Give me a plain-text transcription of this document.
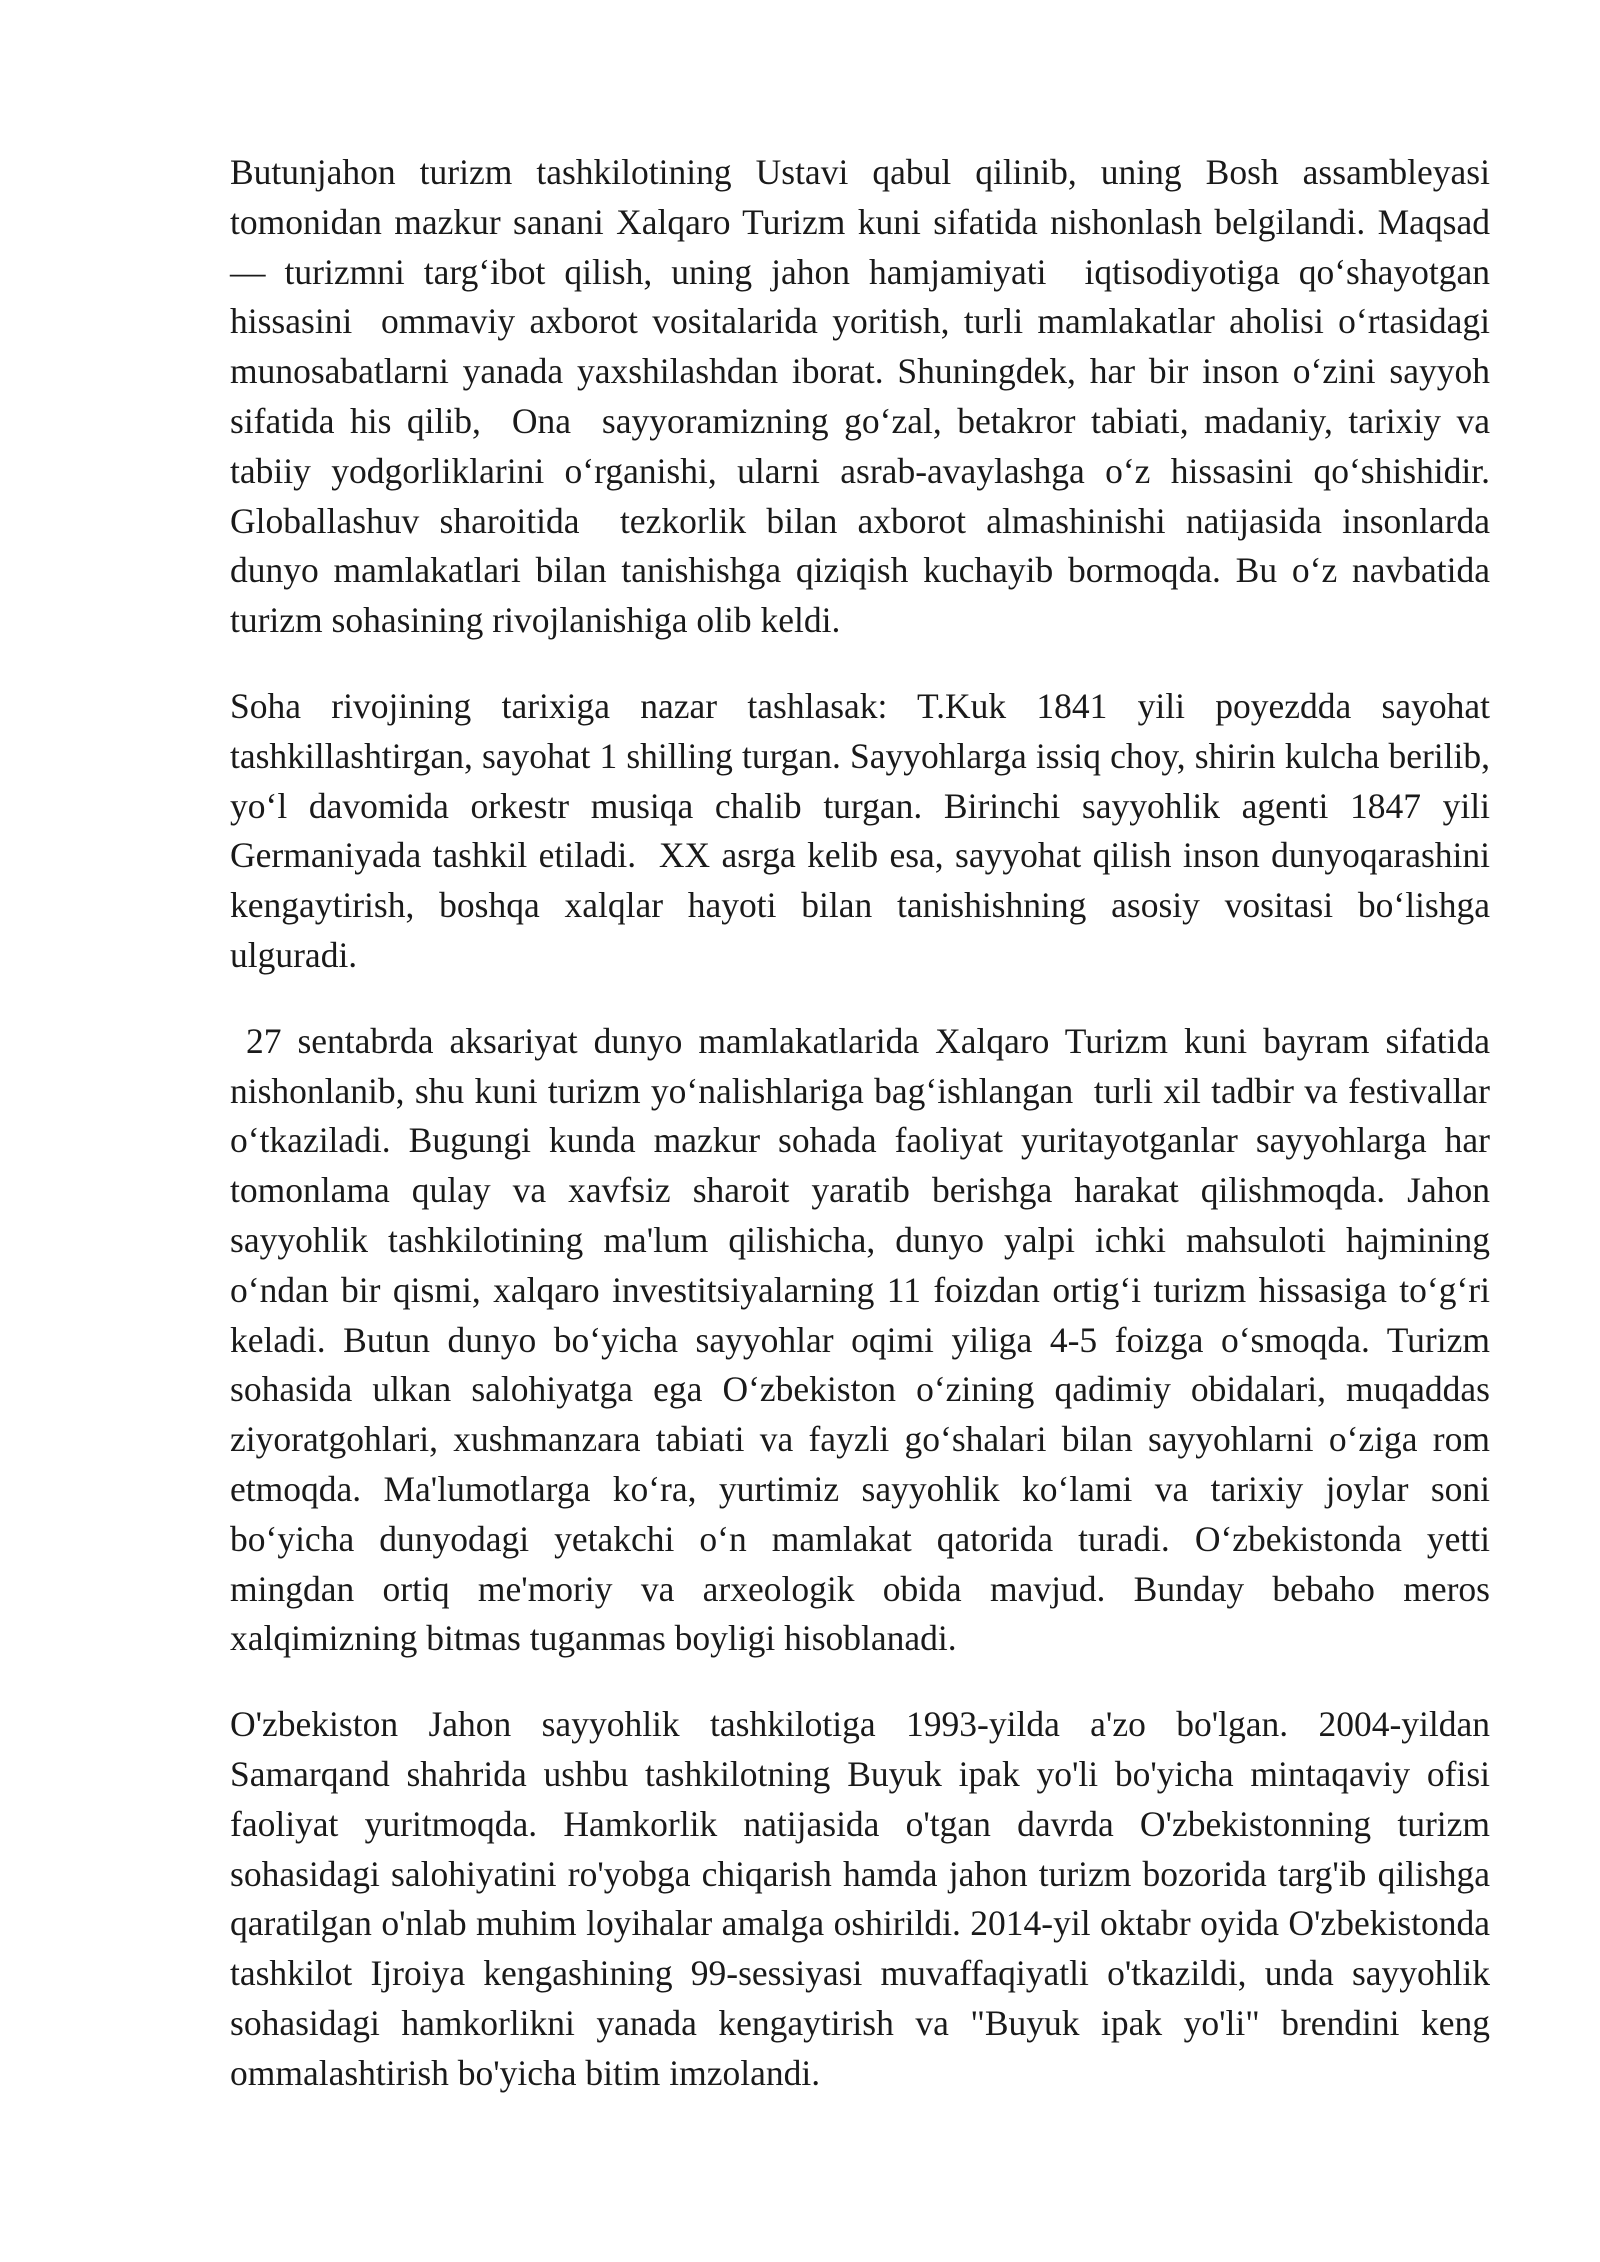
Butunjahon turizm tashkilotining Ustavi qabul qilinib, uning Bosh assambleyasi tomonidan mazkur sanani Xalqaro Turizm kuni sifatida nishonlash belgilandi. Maqsad — turizmni targ‘ibot qilish, uning jahon hamjamiyati  iqtisodiyotiga qo‘shayotgan hissasini  ommaviy axborot vositalarida yoritish, turli mamlakatlar aholisi o‘rtasidagi munosabatlarni yanada yaxshilashdan iborat. Shuningdek, har bir inson o‘zini sayyoh sifatida his qilib,  Ona  sayyoramizning go‘zal, betakror tabiati, madaniy, tarixiy va tabiiy yodgorliklarini o‘rganishi, ularni asrab-avaylashga o‘z hissasini qo‘shishidir.  Globallashuv sharoitida  tezkorlik bilan axborot almashinishi natijasida insonlarda dunyo mamlakatlari bilan tanishishga qiziqish kuchayib bormoqda. Bu o‘z navbatida turizm sohasining rivojlanishiga olib keldi.

Soha rivojining tarixiga nazar tashlasak: T.Kuk 1841 yili poyezdda sayohat tashkillashtirgan, sayohat 1 shilling turgan. Sayyohlarga issiq choy, shirin kulcha berilib, yo‘l davomida orkestr musiqa chalib turgan. Birinchi sayyohlik agenti 1847 yili Germaniyada tashkil etiladi.  XX asrga kelib esa, sayyohat qilish inson dunyoqarashini kengaytirish, boshqa xalqlar hayoti bilan tanishishning asosiy vositasi bo‘lishga ulguradi.

27 sentabrda aksariyat dunyo mamlakatlarida Xalqaro Turizm kuni bayram sifatida nishonlanib, shu kuni turizm yo‘nalishlariga bag‘ishlangan  turli xil tadbir va festivallar o‘tkaziladi. Bugungi kunda mazkur sohada faoliyat yuritayotganlar sayyohlarga har tomonlama qulay va xavfsiz sharoit yaratib berishga harakat qilishmoqda. Jahon sayyohlik tashkilotining ma'lum qilishicha, dunyo yalpi ichki mahsuloti hajmining o‘ndan bir qismi, xalqaro investitsiyalarning 11 foizdan ortig‘i turizm hissasiga to‘g‘ri keladi. Butun dunyo bo‘yicha sayyohlar oqimi yiliga 4-5 foizga o‘smoqda. Turizm sohasida ulkan salohiyatga ega O‘zbekiston o‘zining qadimiy obidalari, muqaddas ziyoratgohlari, xushmanzara tabiati va fayzli go‘shalari bilan sayyohlarni o‘ziga rom etmoqda. Ma'lumotlarga ko‘ra, yurtimiz sayyohlik ko‘lami va tarixiy joylar soni bo‘yicha dunyodagi yetakchi o‘n mamlakat qatorida turadi. O‘zbekistonda yetti mingdan ortiq me'moriy va arxeologik obida mavjud. Bunday bebaho meros xalqimizning bitmas tuganmas boyligi hisoblanadi.

O'zbekiston Jahon sayyohlik tashkilotiga 1993-yilda a'zo bo'lgan. 2004-yildan Samarqand shahrida ushbu tashkilotning Buyuk ipak yo'li bo'yicha mintaqaviy ofisi faoliyat yuritmoqda. Hamkorlik natijasida o'tgan davrda O'zbekistonning turizm sohasidagi salohiyatini ro'yobga chiqarish hamda jahon turizm bozorida targ'ib qilishga qaratilgan o'nlab muhim loyihalar amalga oshirildi. 2014-yil oktabr oyida O'zbekistonda tashkilot Ijroiya kengashining 99-sessiyasi muvaffaqiyatli o'tkazildi, unda sayyohlik sohasidagi hamkorlikni yanada kengaytirish va "Buyuk ipak yo'li" brendini keng ommalashtirish bo'yicha bitim imzolandi.
